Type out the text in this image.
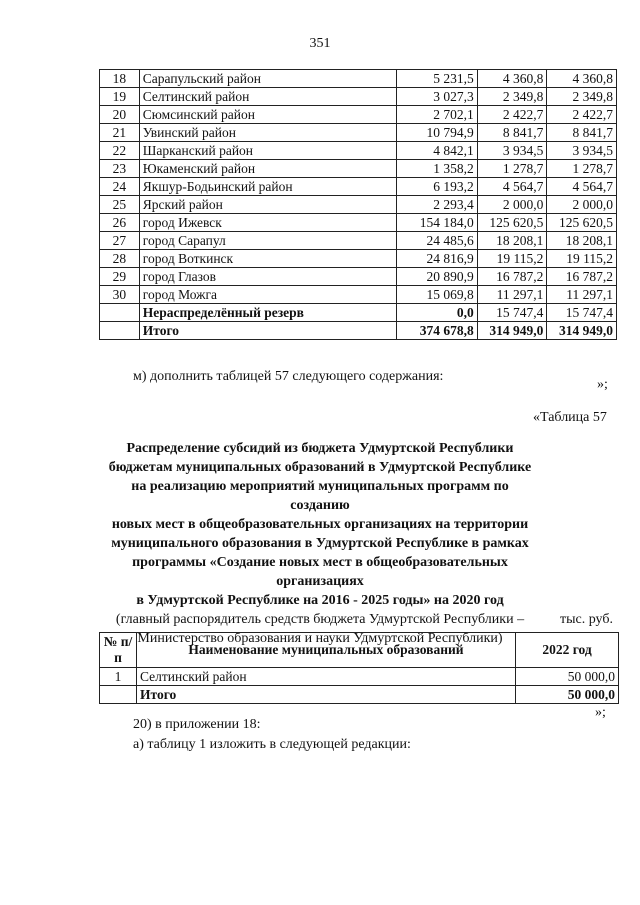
351
18	Сарапульский район	5 231,5	4 360,8	4 360,8
19	Селтинский район	3 027,3	2 349,8	2 349,8
20	Сюмсинский район	2 702,1	2 422,7	2 422,7
21	Увинский район	10 794,9	8 841,7	8 841,7
22	Шарканский район	4 842,1	3 934,5	3 934,5
23	Юкаменский район	1 358,2	1 278,7	1 278,7
24	Якшур-Бодьинский район	6 193,2	4 564,7	4 564,7
25	Ярский район	2 293,4	2 000,0	2 000,0
26	город Ижевск	154 184,0	125 620,5	125 620,5
27	город Сарапул	24 485,6	18 208,1	18 208,1
28	город Воткинск	24 816,9	19 115,2	19 115,2
29	город Глазов	20 890,9	16 787,2	16 787,2
30	город Можга	15 069,8	11 297,1	11 297,1
	Нераспределённый резерв	0,0	15 747,4	15 747,4
	Итого	374 678,8	314 949,0	314 949,0
»;
м) дополнить таблицей 57 следующего содержания:
«Таблица 57
Распределение субсидий из бюджета Удмуртской Республики
бюджетам муниципальных образований в Удмуртской Республике
на реализацию мероприятий муниципальных программ по созданию
новых мест в общеобразовательных организациях на территории
муниципального образования в Удмуртской Республике в рамках
программы «Создание новых мест в общеобразовательных организациях
в Удмуртской Республике на 2016 - 2025 годы» на 2020 год
(главный распорядитель средств бюджета Удмуртской Республики –
Министерство образования и науки Удмуртской Республики)
тыс. руб.
№ п/п	Наименование муниципальных образований	2022 год
1	Селтинский район	50 000,0
	Итого	50 000,0
»;
20) в приложении 18:
а) таблицу 1 изложить в следующей редакции:
